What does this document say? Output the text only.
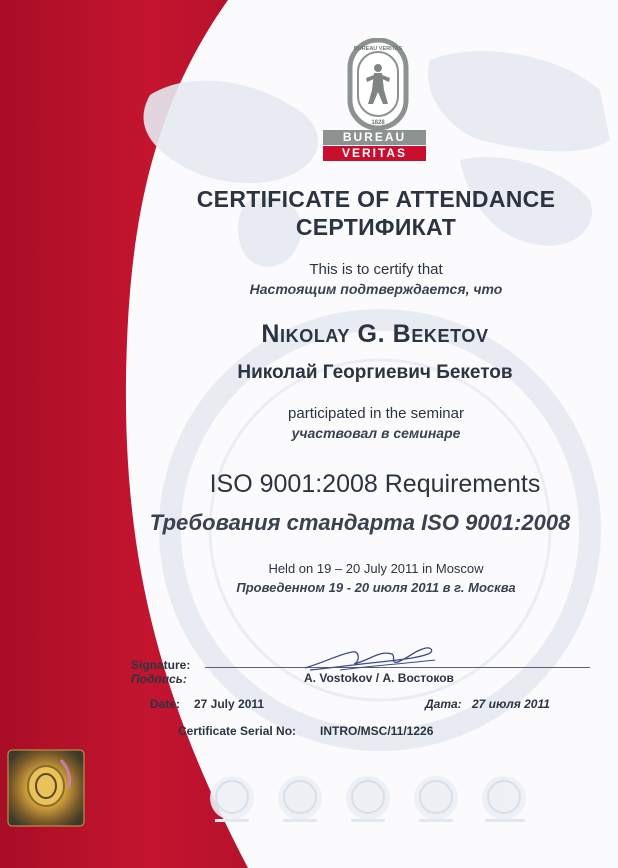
BUREAU VERITAS
1828
BUREAU
VERITAS
CERTIFICATE OF ATTENDANCE
СЕРТИФИКАТ
This is to certify that
Настоящим подтверждается, что
Nikolay G. Beketov
Николай Георгиевич Бекетов
participated in the seminar
участвовал в семинаре
ISO 9001:2008 Requirements
Требования стандарта ISO 9001:2008
Held on 19 – 20 July 2011 in Moscow
Проведенном 19 - 20 июля 2011 в г. Москва
Signature:
Подпись:	A. Vostokov / А. Востоков
Date: 27 July 2011	Дата: 27 июля 2011
Certificate Serial No: INTRO/MSC/11/1226
